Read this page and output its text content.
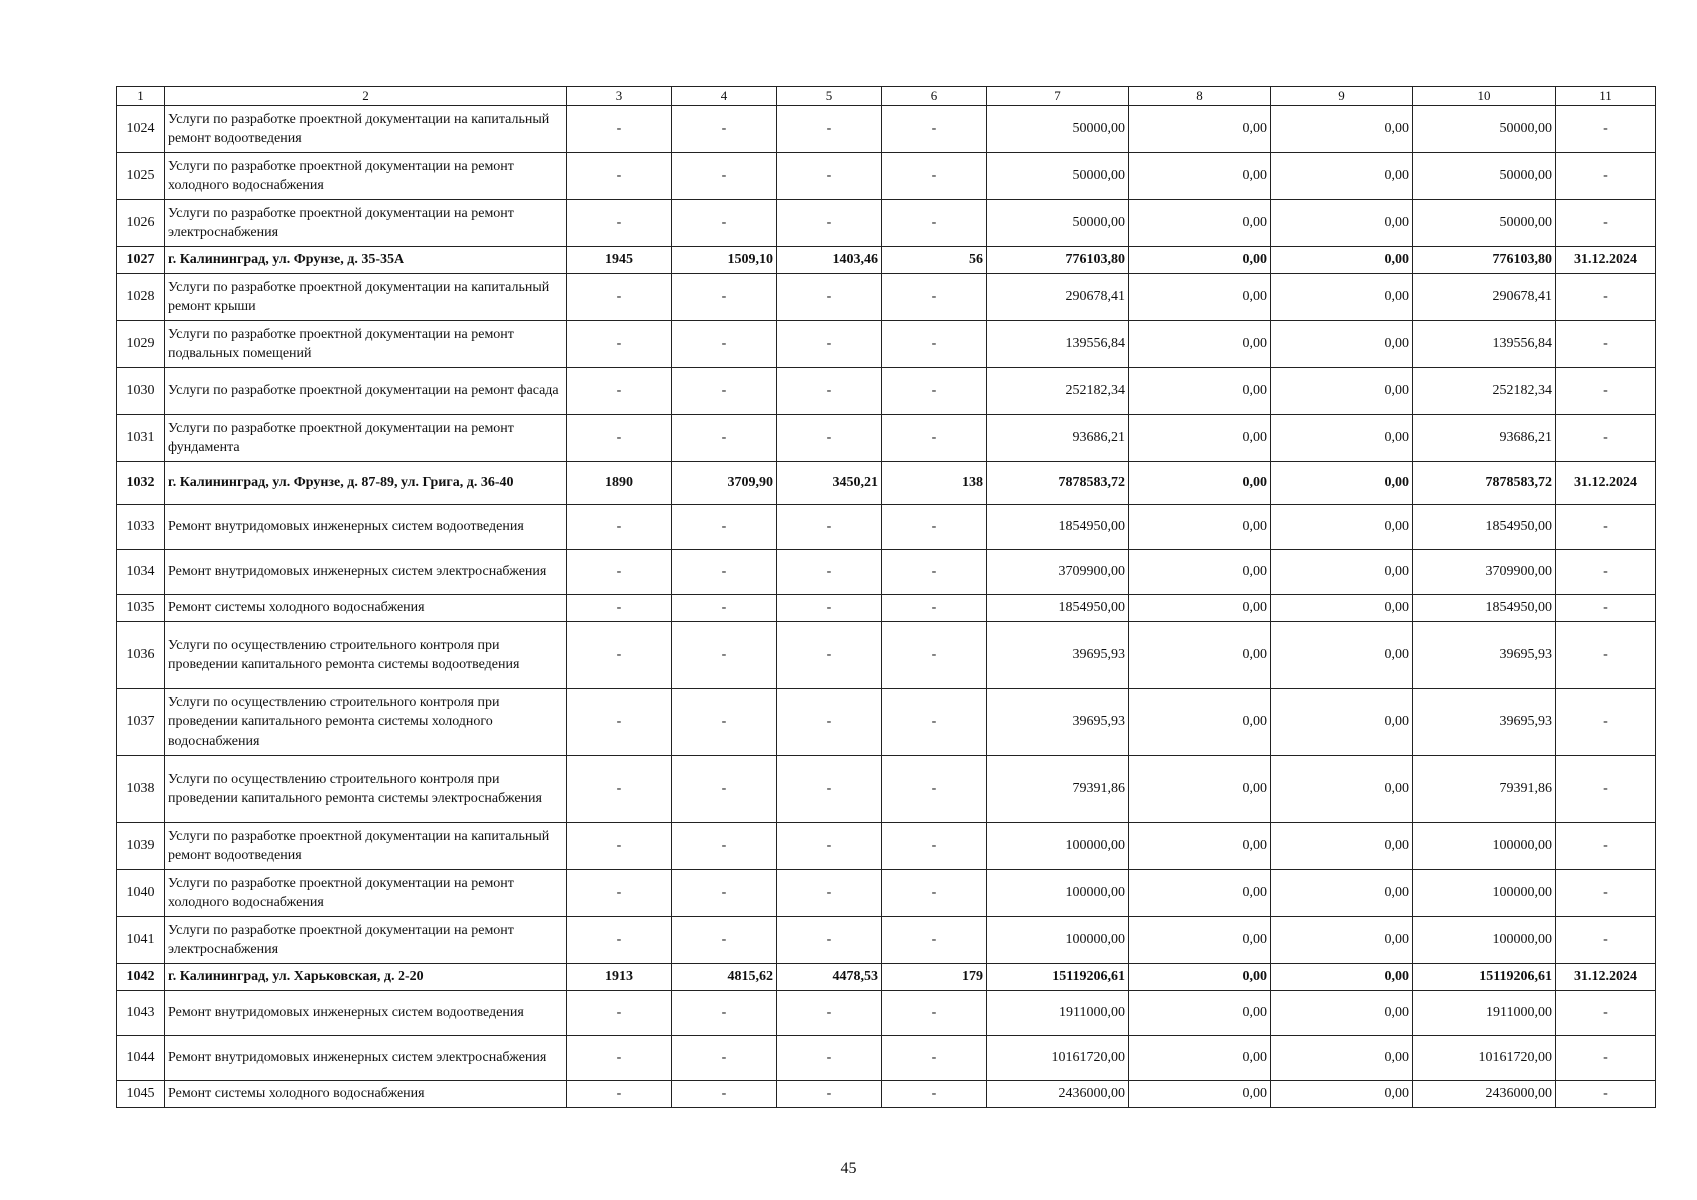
1	2	3	4	5	6	7	8	9	10	11
1024	Услуги по разработке проектной документации на капитальный ремонт водоотведения	-	-	-	-	50000,00	0,00	0,00	50000,00	-
1025	Услуги по разработке проектной документации на ремонт холодного водоснабжения	-	-	-	-	50000,00	0,00	0,00	50000,00	-
1026	Услуги по разработке проектной документации на ремонт электроснабжения	-	-	-	-	50000,00	0,00	0,00	50000,00	-
1027	г. Калининград, ул. Фрунзе, д. 35-35А	1945	1509,10	1403,46	56	776103,80	0,00	0,00	776103,80	31.12.2024
1028	Услуги по разработке проектной документации на капитальный ремонт крыши	-	-	-	-	290678,41	0,00	0,00	290678,41	-
1029	Услуги по разработке проектной документации на ремонт подвальных помещений	-	-	-	-	139556,84	0,00	0,00	139556,84	-
1030	Услуги по разработке проектной документации на ремонт фасада	-	-	-	-	252182,34	0,00	0,00	252182,34	-
1031	Услуги по разработке проектной документации на ремонт фундамента	-	-	-	-	93686,21	0,00	0,00	93686,21	-
1032	г. Калининград, ул. Фрунзе, д. 87-89, ул. Грига, д. 36-40	1890	3709,90	3450,21	138	7878583,72	0,00	0,00	7878583,72	31.12.2024
1033	Ремонт внутридомовых инженерных систем водоотведения	-	-	-	-	1854950,00	0,00	0,00	1854950,00	-
1034	Ремонт внутридомовых инженерных систем электроснабжения	-	-	-	-	3709900,00	0,00	0,00	3709900,00	-
1035	Ремонт системы холодного водоснабжения	-	-	-	-	1854950,00	0,00	0,00	1854950,00	-
1036	Услуги по осуществлению строительного контроля при проведении капитального ремонта системы водоотведения	-	-	-	-	39695,93	0,00	0,00	39695,93	-
1037	Услуги по осуществлению строительного контроля при проведении капитального ремонта системы холодного водоснабжения	-	-	-	-	39695,93	0,00	0,00	39695,93	-
1038	Услуги по осуществлению строительного контроля при проведении капитального ремонта системы электроснабжения	-	-	-	-	79391,86	0,00	0,00	79391,86	-
1039	Услуги по разработке проектной документации на капитальный ремонт водоотведения	-	-	-	-	100000,00	0,00	0,00	100000,00	-
1040	Услуги по разработке проектной документации на ремонт холодного водоснабжения	-	-	-	-	100000,00	0,00	0,00	100000,00	-
1041	Услуги по разработке проектной документации на ремонт электроснабжения	-	-	-	-	100000,00	0,00	0,00	100000,00	-
1042	г. Калининград, ул. Харьковская, д. 2-20	1913	4815,62	4478,53	179	15119206,61	0,00	0,00	15119206,61	31.12.2024
1043	Ремонт внутридомовых инженерных систем водоотведения	-	-	-	-	1911000,00	0,00	0,00	1911000,00	-
1044	Ремонт внутридомовых инженерных систем электроснабжения	-	-	-	-	10161720,00	0,00	0,00	10161720,00	-
1045	Ремонт системы холодного водоснабжения	-	-	-	-	2436000,00	0,00	0,00	2436000,00	-
45
